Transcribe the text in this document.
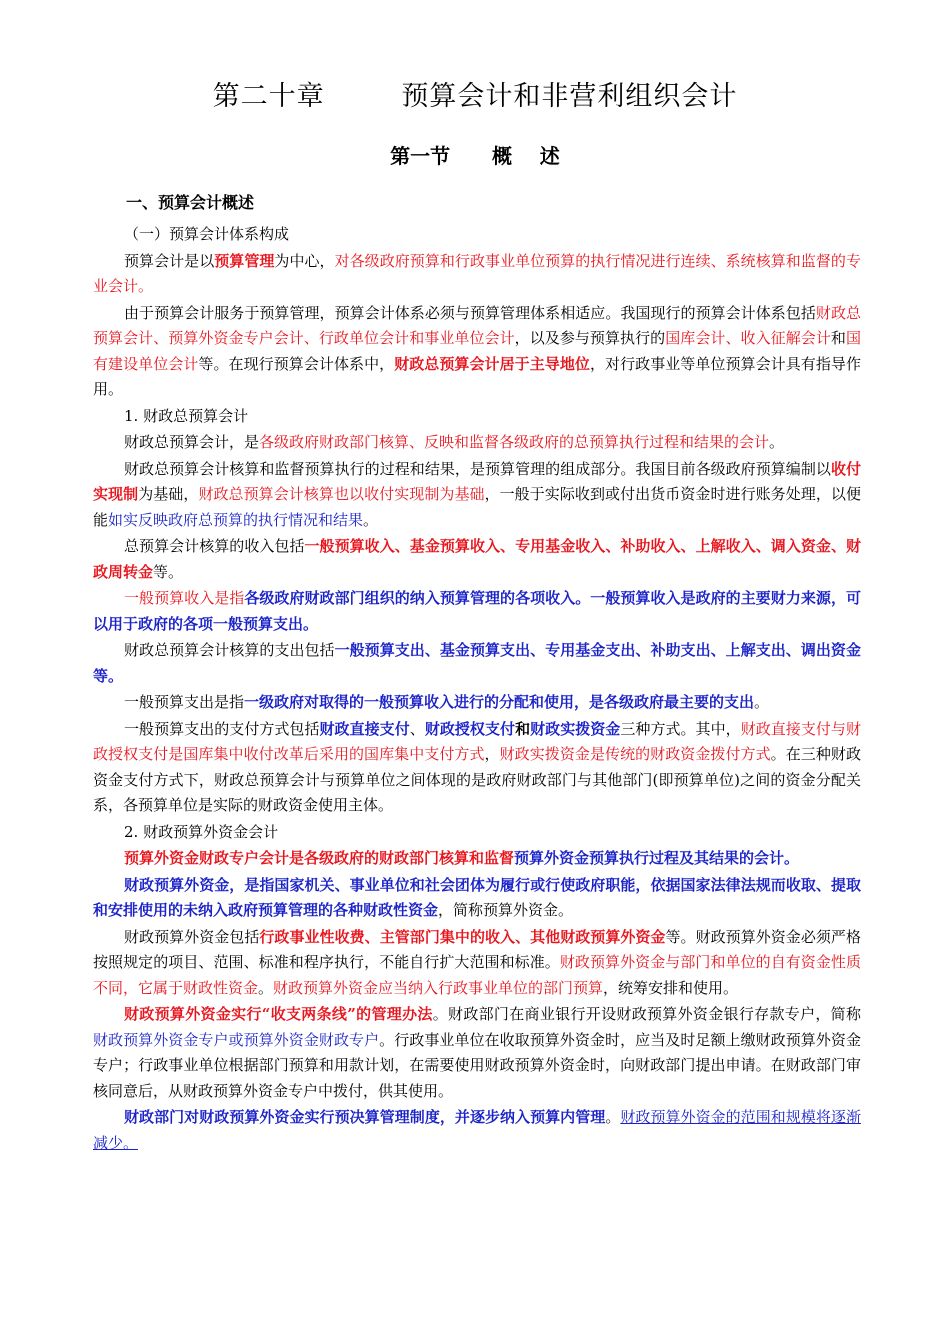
第二十章        预算会计和非营利组织会计
第一节      概    述
一、预算会计概述

（一）预算会计体系构成

预算会计是以预算管理为中心，对各级政府预算和行政事业单位预算的执行情况进行连续、系统核算和监督的专业会计。

由于预算会计服务于预算管理，预算会计体系必须与预算管理体系相适应。我国现行的预算会计体系包括财政总预算会计、预算外资金专户会计、行政单位会计和事业单位会计，以及参与预算执行的国库会计、收入征解会计和国有建设单位会计等。在现行预算会计体系中，财政总预算会计居于主导地位，对行政事业等单位预算会计具有指导作用。

1. 财政总预算会计

财政总预算会计，是各级政府财政部门核算、反映和监督各级政府的总预算执行过程和结果的会计。

财政总预算会计核算和监督预算执行的过程和结果，是预算管理的组成部分。我国目前各级政府预算编制以收付实现制为基础，财政总预算会计核算也以收付实现制为基础，一般于实际收到或付出货币资金时进行账务处理，以便能如实反映政府总预算的执行情况和结果。

总预算会计核算的收入包括一般预算收入、基金预算收入、专用基金收入、补助收入、上解收入、调入资金、财政周转金等。

一般预算收入是指各级政府财政部门组织的纳入预算管理的各项收入。一般预算收入是政府的主要财力来源，可以用于政府的各项一般预算支出。

财政总预算会计核算的支出包括一般预算支出、基金预算支出、专用基金支出、补助支出、上解支出、调出资金等。

一般预算支出是指一级政府对取得的一般预算收入进行的分配和使用，是各级政府最主要的支出。

一般预算支出的支付方式包括财政直接支付、财政授权支付和财政实拨资金三种方式。其中，财政直接支付与财政授权支付是国库集中收付改革后采用的国库集中支付方式，财政实拨资金是传统的财政资金拨付方式。在三种财政资金支付方式下，财政总预算会计与预算单位之间体现的是政府财政部门与其他部门(即预算单位)之间的资金分配关系，各预算单位是实际的财政资金使用主体。

2. 财政预算外资金会计

预算外资金财政专户会计是各级政府的财政部门核算和监督预算外资金预算执行过程及其结果的会计。

财政预算外资金，是指国家机关、事业单位和社会团体为履行或行使政府职能，依据国家法律法规而收取、提取和安排使用的未纳入政府预算管理的各种财政性资金，简称预算外资金。

财政预算外资金包括行政事业性收费、主管部门集中的收入、其他财政预算外资金等。财政预算外资金必须严格按照规定的项目、范围、标准和程序执行，不能自行扩大范围和标准。财政预算外资金与部门和单位的自有资金性质不同，它属于财政性资金。财政预算外资金应当纳入行政事业单位的部门预算，统筹安排和使用。

财政预算外资金实行“收支两条线”的管理办法。财政部门在商业银行开设财政预算外资金银行存款专户，简称财政预算外资金专户或预算外资金财政专户。行政事业单位在收取预算外资金时，应当及时足额上缴财政预算外资金专户；行政事业单位根据部门预算和用款计划，在需要使用财政预算外资金时，向财政部门提出申请。在财政部门审核同意后，从财政预算外资金专户中拨付，供其使用。

财政部门对财政预算外资金实行预决算管理制度，并逐步纳入预算内管理。财政预算外资金的范围和规模将逐渐减少。
